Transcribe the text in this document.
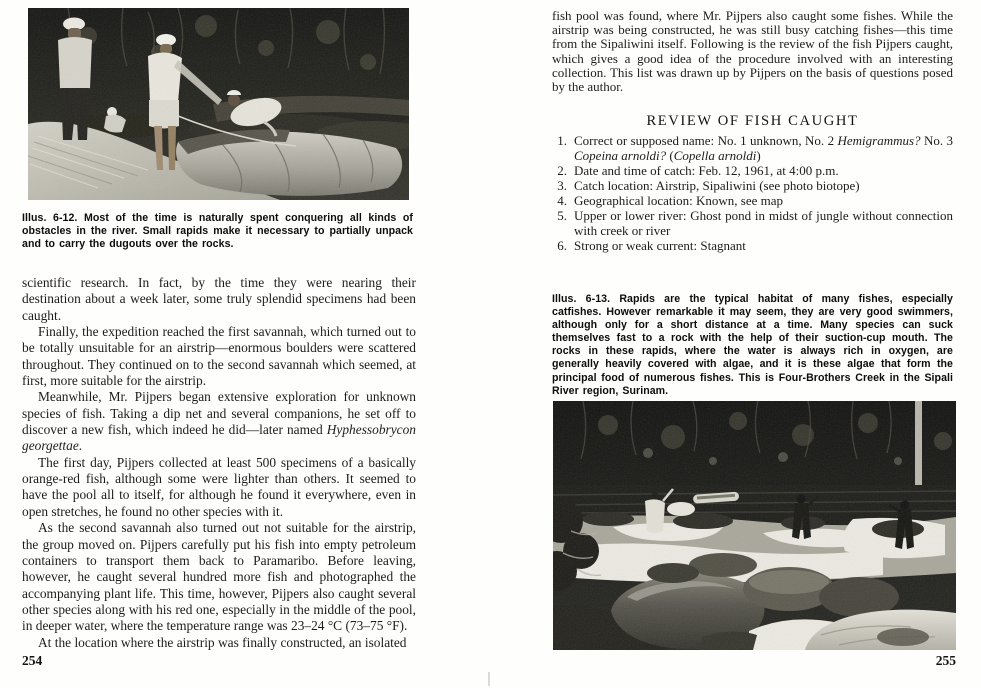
Illus. 6-12. Most of the time is naturally spent conquering all kinds of obstacles in the river. Small rapids make it necessary to partially unpack and to carry the dugouts over the rocks.

scientific research. In fact, by the time they were nearing their destination about a week later, some truly splendid specimens had been caught.

Finally, the expedition reached the first savannah, which turned out to be totally unsuitable for an airstrip—enormous boulders were scattered throughout. They continued on to the second savannah which seemed, at first, more suitable for the airstrip.

Meanwhile, Mr. Pijpers began extensive exploration for unknown species of fish. Taking a dip net and several companions, he set off to discover a new fish, which indeed he did—later named Hyphessobrycon georgettae.

The first day, Pijpers collected at least 500 specimens of a basically orange-red fish, although some were lighter than others. It seemed to have the pool all to itself, for although he found it everywhere, even in open stretches, he found no other species with it.

As the second savannah also turned out not suitable for the airstrip, the group moved on. Pijpers carefully put his fish into empty petroleum containers to transport them back to Paramaribo. Before leaving, however, he caught several hundred more fish and photographed the accompanying plant life. This time, however, Pijpers also caught several other species along with his red one, especially in the middle of the pool, in deeper water, where the temperature range was 23–24 °C (73–75 °F).

At the location where the airstrip was finally constructed, an isolated

254
fish pool was found, where Mr. Pijpers also caught some fishes. While the airstrip was being constructed, he was still busy catching fishes—this time from the Sipaliwini itself. Following is the review of the fish Pijpers caught, which gives a good idea of the procedure involved with an interesting collection. This list was drawn up by Pijpers on the basis of questions posed by the author.
REVIEW OF FISH CAUGHT
1. Correct or supposed name: No. 1 unknown, No. 2 Hemigrammus? No. 3 Copeina arnoldi? (Copella arnoldi)
2. Date and time of catch: Feb. 12, 1961, at 4:00 p.m.
3. Catch location: Airstrip, Sipaliwini (see photo biotope)
4. Geographical location: Known, see map
5. Upper or lower river: Ghost pond in midst of jungle without connection with creek or river
6. Strong or weak current: Stagnant
Illus. 6-13. Rapids are the typical habitat of many fishes, especially catfishes. However remarkable it may seem, they are very good swimmers, although only for a short distance at a time. Many species can suck themselves fast to a rock with the help of their suction-cup mouth. The rocks in these rapids, where the water is always rich in oxygen, are generally heavily covered with algae, and it is these algae that form the principal food of numerous fishes. This is Four-Brothers Creek in the Sipali River region, Surinam.
255
